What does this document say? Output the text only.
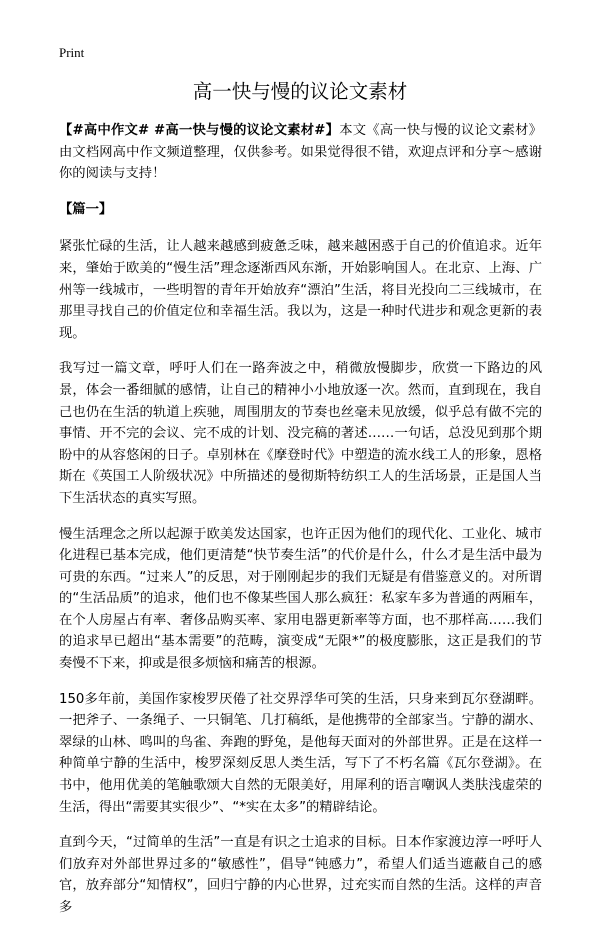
Print
高一快与慢的议论文素材

【#高中作文# #高一快与慢的议论文素材#】本文《高一快与慢的议论文素材》由文档网高中作文频道整理，仅供参考。如果觉得很不错，欢迎点评和分享～感谢你的阅读与支持！

【篇一】

紧张忙碌的生活，让人越来越感到疲惫乏味，越来越困惑于自己的价值追求。近年来，肇始于欧美的“慢生活”理念逐渐西风东渐，开始影响国人。在北京、上海、广州等一线城市，一些明智的青年开始放弃“漂泊”生活，将目光投向二三线城市，在那里寻找自己的价值定位和幸福生活。我以为，这是一种时代进步和观念更新的表现。

我写过一篇文章，呼吁人们在一路奔波之中，稍微放慢脚步，欣赏一下路边的风景，体会一番细腻的感情，让自己的精神小小地放逐一次。然而，直到现在，我自己也仍在生活的轨道上疾驰，周围朋友的节奏也丝毫未见放缓，似乎总有做不完的事情、开不完的会议、完不成的计划、没完稿的著述……一句话，总没见到那个期盼中的从容悠闲的日子。卓别林在《摩登时代》中塑造的流水线工人的形象，恩格斯在《英国工人阶级状况》中所描述的曼彻斯特纺织工人的生活场景，正是国人当下生活状态的真实写照。

慢生活理念之所以起源于欧美发达国家，也许正因为他们的现代化、工业化、城市化进程已基本完成，他们更清楚“快节奏生活”的代价是什么，什么才是生活中最为可贵的东西。“过来人”的反思，对于刚刚起步的我们无疑是有借鉴意义的。对所谓的“生活品质”的追求，他们也不像某些国人那么疯狂：私家车多为普通的两厢车，在个人房屋占有率、奢侈品购买率、家用电器更新率等方面，也不那样高……我们的追求早已超出“基本需要”的范畴，演变成“无限*”的极度膨胀，这正是我们的节奏慢不下来，抑或是很多烦恼和痛苦的根源。

150多年前，美国作家梭罗厌倦了社交界浮华可笑的生活，只身来到瓦尔登湖畔。一把斧子、一条绳子、一只铜笔、几打稿纸，是他携带的全部家当。宁静的湖水、翠绿的山林、鸣叫的鸟雀、奔跑的野兔，是他每天面对的外部世界。正是在这样一种简单宁静的生活中，梭罗深刻反思人类生活，写下了不朽名篇《瓦尔登湖》。在书中，他用优美的笔触歌颂大自然的无限美好，用犀利的语言嘲讽人类肤浅虚荣的生活，得出“需要其实很少”、“*实在太多”的精辟结论。

直到今天，“过简单的生活”一直是有识之士追求的目标。日本作家渡边淳一呼吁人们放弃对外部世界过多的“敏感性”，倡导“钝感力”，希望人们适当遮蔽自己的感官，放弃部分“知情权”，回归宁静的内心世界，过充实而自然的生活。这样的声音多
